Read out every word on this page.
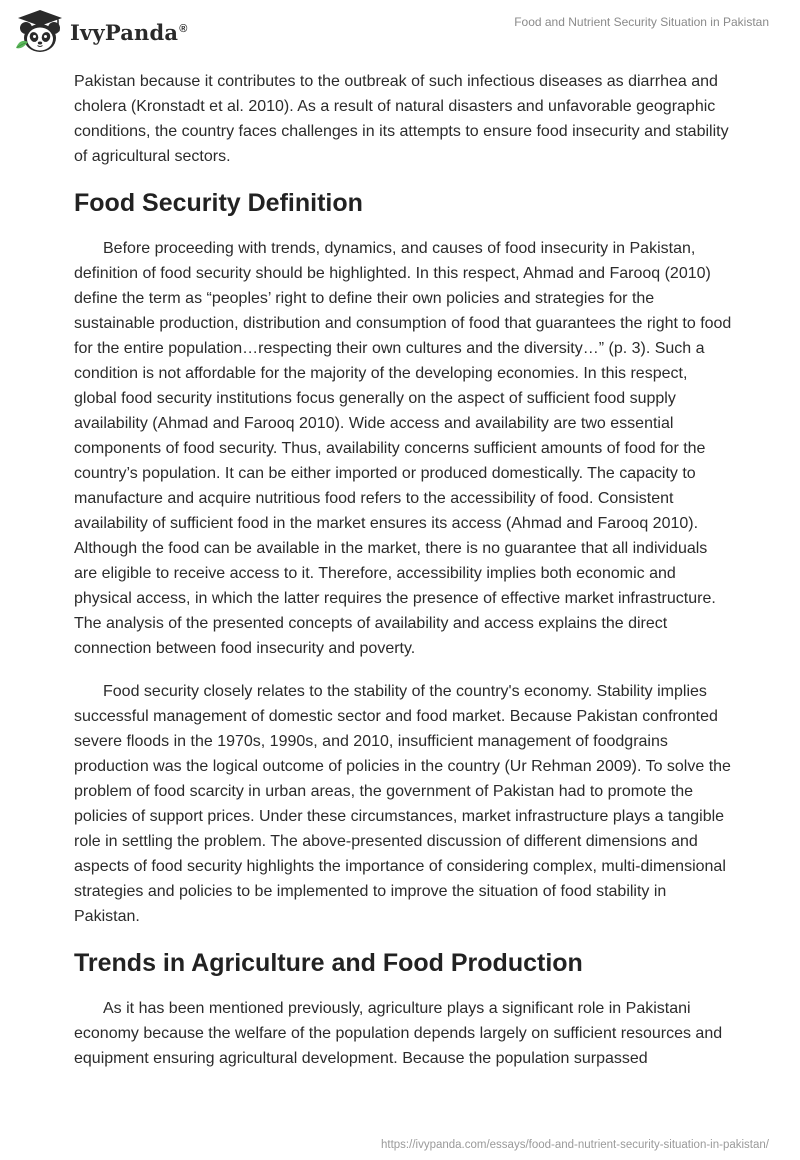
IvyPanda®	Food and Nutrient Security Situation in Pakistan

Pakistan because it contributes to the outbreak of such infectious diseases as diarrhea and cholera (Kronstadt et al. 2010). As a result of natural disasters and unfavorable geographic conditions, the country faces challenges in its attempts to ensure food insecurity and stability of agricultural sectors.

Food Security Definition

Before proceeding with trends, dynamics, and causes of food insecurity in Pakistan, definition of food security should be highlighted. In this respect, Ahmad and Farooq (2010) define the term as “peoples’ right to define their own policies and strategies for the sustainable production, distribution and consumption of food that guarantees the right to food for the entire population…respecting their own cultures and the diversity…” (p. 3). Such a condition is not affordable for the majority of the developing economies. In this respect, global food security institutions focus generally on the aspect of sufficient food supply availability (Ahmad and Farooq 2010). Wide access and availability are two essential components of food security. Thus, availability concerns sufficient amounts of food for the country’s population. It can be either imported or produced domestically. The capacity to manufacture and acquire nutritious food refers to the accessibility of food. Consistent availability of sufficient food in the market ensures its access (Ahmad and Farooq 2010). Although the food can be available in the market, there is no guarantee that all individuals are eligible to receive access to it. Therefore, accessibility implies both economic and physical access, in which the latter requires the presence of effective market infrastructure. The analysis of the presented concepts of availability and access explains the direct connection between food insecurity and poverty.

Food security closely relates to the stability of the country's economy. Stability implies successful management of domestic sector and food market. Because Pakistan confronted severe floods in the 1970s, 1990s, and 2010, insufficient management of foodgrains production was the logical outcome of policies in the country (Ur Rehman 2009). To solve the problem of food scarcity in urban areas, the government of Pakistan had to promote the policies of support prices. Under these circumstances, market infrastructure plays a tangible role in settling the problem. The above-presented discussion of different dimensions and aspects of food security highlights the importance of considering complex, multi-dimensional strategies and policies to be implemented to improve the situation of food stability in Pakistan.

Trends in Agriculture and Food Production

As it has been mentioned previously, agriculture plays a significant role in Pakistani economy because the welfare of the population depends largely on sufficient resources and equipment ensuring agricultural development. Because the population surpassed

https://ivypanda.com/essays/food-and-nutrient-security-situation-in-pakistan/
